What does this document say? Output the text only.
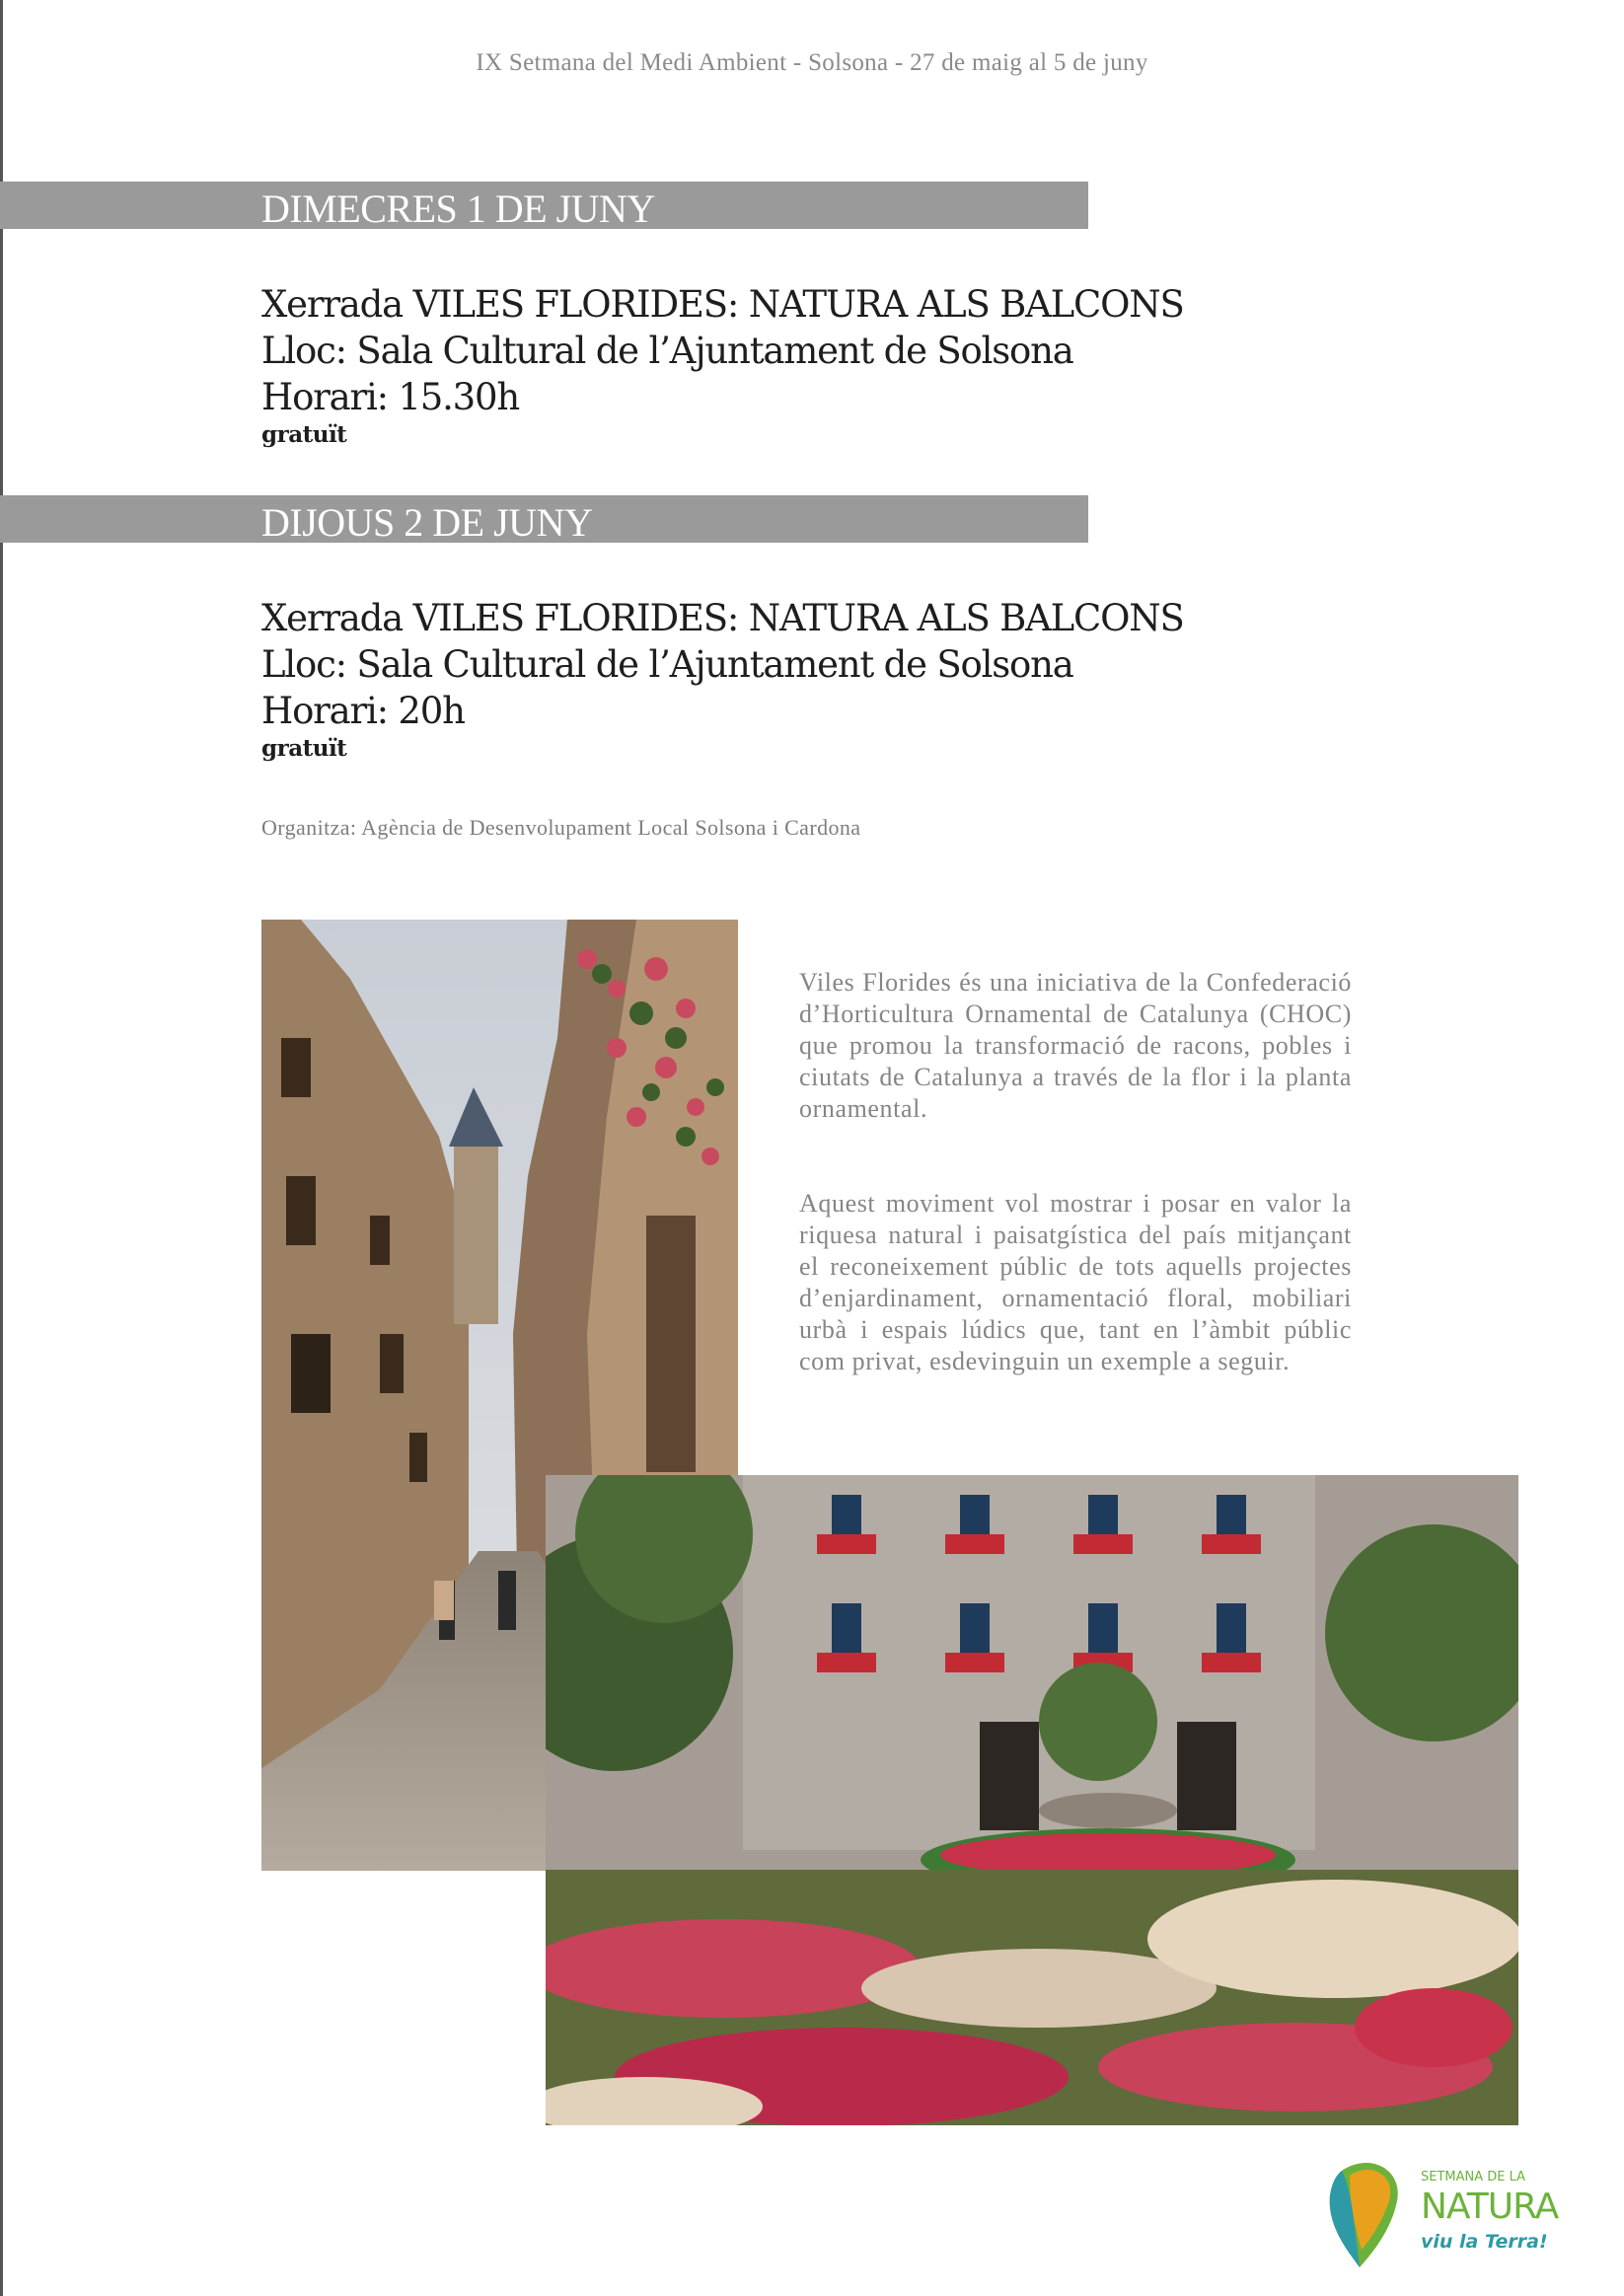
IX Setmana del Medi Ambient - Solsona - 27 de maig al 5 de juny
DIMECRES 1 DE JUNY
Xerrada VILES FLORIDES: NATURA ALS BALCONS
Lloc: Sala Cultural de l’Ajuntament de Solsona
Horari: 15.30h
gratuït
DIJOUS 2 DE JUNY
Xerrada VILES FLORIDES: NATURA ALS BALCONS
Lloc: Sala Cultural de l’Ajuntament de Solsona
Horari: 20h
gratuït
Organitza: Agència de Desenvolupament Local Solsona i Cardona
Viles Florides és una iniciativa de la Confederació d’Horticultura Ornamental de Catalunya (CHOC) que promou la transformació de racons, pobles i ciutats de Catalunya a través de la flor i la planta ornamental.
Aquest moviment vol mostrar i posar en valor la riquesa natural i paisatgística del país mitjançant el reconeixement públic de tots aquells projectes d’enjardinament, ornamentació floral, mobiliari urbà i espais lúdics que, tant en l’àmbit públic com privat, esdevinguin un exemple a seguir.
SETMANA DE LA
NATURA
viu la Terra!
